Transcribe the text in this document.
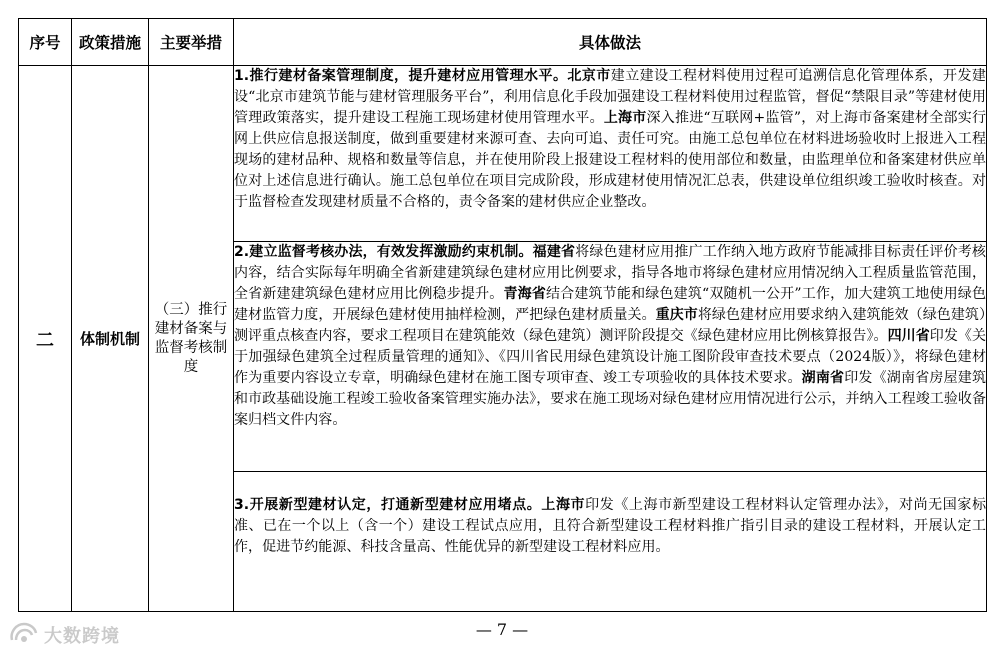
序号	政策措施	主要举措	具体做法
二	体制机制	（三）推行建材备案与监督考核制度	1.推行建材备案管理制度，提升建材应用管理水平。北京市建立建设工程材料使用过程可追溯信息化管理体系，开发建设“北京市建筑节能与建材管理服务平台”，利用信息化手段加强建设工程材料使用过程监管，督促“禁限目录”等建材使用管理政策落实，提升建设工程施工现场建材使用管理水平。上海市深入推进“互联网+监管”，对上海市备案建材全部实行网上供应信息报送制度，做到重要建材来源可查、去向可追、责任可究。由施工总包单位在材料进场验收时上报进入工程现场的建材品种、规格和数量等信息，并在使用阶段上报建设工程材料的使用部位和数量，由监理单位和备案建材供应单位对上述信息进行确认。施工总包单位在项目完成阶段，形成建材使用情况汇总表，供建设单位组织竣工验收时核查。对于监督检查发现建材质量不合格的，责令备案的建材供应企业整改。
			2.建立监督考核办法，有效发挥激励约束机制。福建省将绿色建材应用推广工作纳入地方政府节能减排目标责任评价考核内容，结合实际每年明确全省新建建筑绿色建材应用比例要求，指导各地市将绿色建材应用情况纳入工程质量监管范围，全省新建建筑绿色建材应用比例稳步提升。青海省结合建筑节能和绿色建筑“双随机一公开”工作，加大建筑工地使用绿色建材监管力度，开展绿色建材使用抽样检测，严把绿色建材质量关。重庆市将绿色建材应用要求纳入建筑能效（绿色建筑）测评重点核查内容，要求工程项目在建筑能效（绿色建筑）测评阶段提交《绿色建材应用比例核算报告》。四川省印发《关于加强绿色建筑全过程质量管理的通知》、《四川省民用绿色建筑设计施工图阶段审查技术要点（2024版）》，将绿色建材作为重要内容设立专章，明确绿色建材在施工图专项审查、竣工专项验收的具体技术要求。湖南省印发《湖南省房屋建筑和市政基础设施工程竣工验收备案管理实施办法》，要求在施工现场对绿色建材应用情况进行公示，并纳入工程竣工验收备案归档文件内容。
			3.开展新型建材认定，打通新型建材应用堵点。上海市印发《上海市新型建设工程材料认定管理办法》，对尚无国家标准、已在一个以上（含一个）建设工程试点应用，且符合新型建设工程材料推广指引目录的建设工程材料，开展认定工作，促进节约能源、科技含量高、性能优异的新型建设工程材料应用。
大数跨境	— 7 —
